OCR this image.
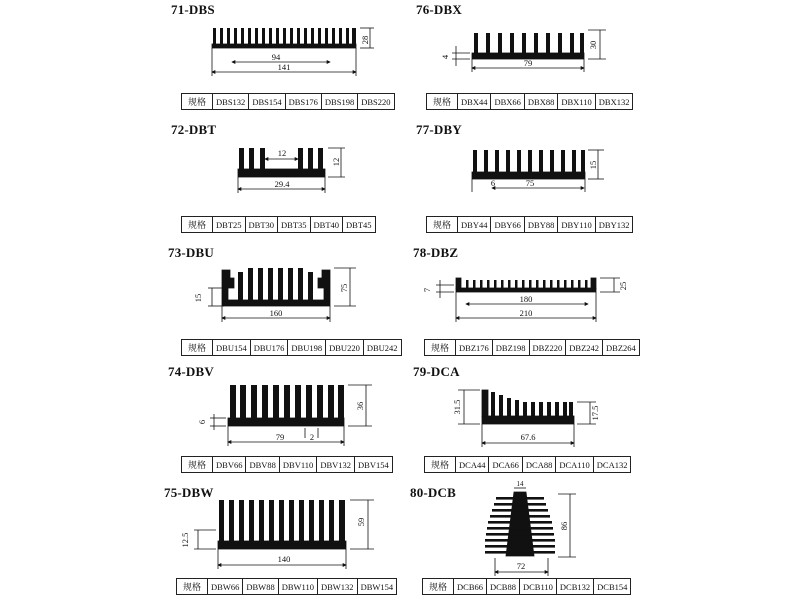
71-DBS
72-DBT
73-DBU
74-DBV
75-DBW
76-DBX
77-DBY
78-DBZ
79-DCA
80-DCB
94
141
28
12
29.4
12
15
75
160
6
36
79	2
12.5
59
140
4
30
79
6
15
75
7	25
180
210
31.5	17.5
67.6
14
86
72
规格	DBS132	DBS154	DBS176	DBS198	DBS220
规格	DBT25	DBT30	DBT35	DBT40	DBT45
规格	DBU154	DBU176	DBU198	DBU220	DBU242
规格	DBV66	DBV88	DBV110	DBV132	DBV154
规格	DBW66	DBW88	DBW110	DBW132	DBW154
规格	DBX44	DBX66	DBX88	DBX110	DBX132
规格	DBY44	DBY66	DBY88	DBY110	DBY132
规格	DBZ176	DBZ198	DBZ220	DBZ242	DBZ264
规格	DCA44	DCA66	DCA88	DCA110	DCA132
规格	DCB66	DCB88	DCB110	DCB132	DCB154
